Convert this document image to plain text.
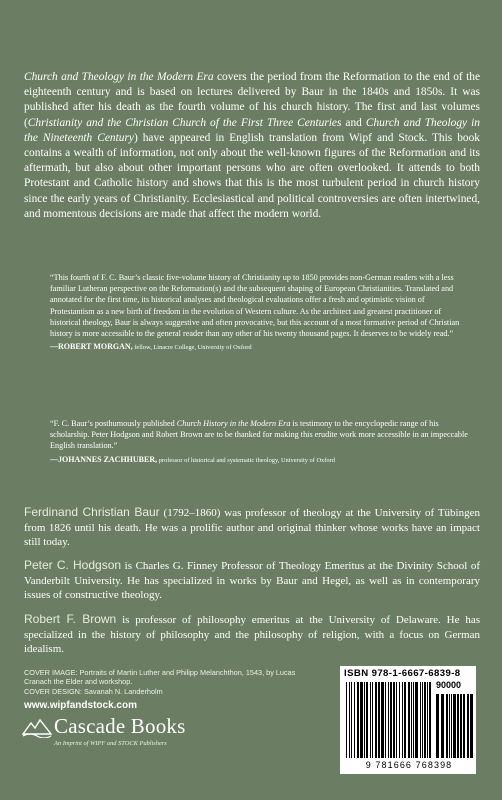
Church and Theology in the Modern Era covers the period from the Reformation to the end of the eighteenth century and is based on lectures delivered by Baur in the 1840s and 1850s. It was published after his death as the fourth volume of his church history. The first and last volumes (Christianity and the Christian Church of the First Three Centuries and Church and Theology in the Nineteenth Century) have appeared in English translation from Wipf and Stock. This book contains a wealth of information, not only about the well-known figures of the Reformation and its aftermath, but also about other important persons who are often overlooked. It attends to both Protestant and Catholic history and shows that this is the most turbulent period in church history since the early years of Christianity. Ecclesiastical and political controversies are often intertwined, and momentous decisions are made that affect the modern world.

“This fourth of F. C. Baur’s classic five-volume history of Christianity up to 1850 provides non-German readers with a less familiar Lutheran perspective on the Reformation(s) and the subsequent shaping of European Christianities. Translated and annotated for the first time, its historical analyses and theological evaluations offer a fresh and optimistic vision of Protestantism as a new birth of freedom in the evolution of Western culture. As the architect and greatest practitioner of historical theology, Baur is always suggestive and often provocative, but this account of a most formative period of Christian history is more accessible to the general reader than any other of his twenty thousand pages. It deserves to be widely read.”
—ROBERT MORGAN, fellow, Linacre College, University of Oxford
“F. C. Baur’s posthumously published Church History in the Modern Era is testimony to the encyclopedic range of his scholarship. Peter Hodgson and Robert Brown are to be thanked for making this erudite work more accessible in an impeccable English translation.”
—JOHANNES ZACHHUBER, professor of historical and systematic theology, University of Oxford
Ferdinand Christian Baur (1792–1860) was professor of theology at the University of Tübingen from 1826 until his death. He was a prolific author and original thinker whose works have an impact still today.
Peter C. Hodgson is Charles G. Finney Professor of Theology Emeritus at the Divinity School of Vanderbilt University. He has specialized in works by Baur and Hegel, as well as in contemporary issues of constructive theology.
Robert F. Brown is professor of philosophy emeritus at the University of Delaware. He has specialized in the history of philosophy and the philosophy of religion, with a focus on German idealism.
COVER IMAGE: Portraits of Martin Luther and Philipp Melanchthon, 1543, by Lucas Cranach the Elder and workshop.
COVER DESIGN: Savanah N. Landerholm
www.wipfandstock.com
Cascade Books
An Imprint of WIPF and STOCK Publishers
ISBN 978-1-6667-6839-8
90000
9 781666 768398
